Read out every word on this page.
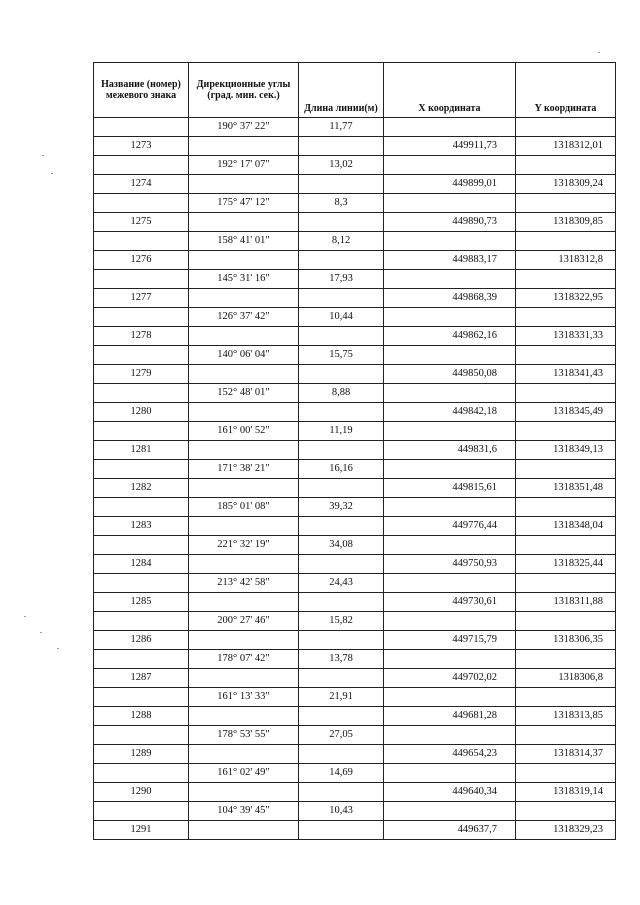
Название (номер) межевого знака	Дирекционные углы (град. мин. сек.)	Длина линии(м)	X координата	Y координата
	190° 37' 22"	11,77		
1273			449911,73	1318312,01
	192° 17' 07"	13,02		
1274			449899,01	1318309,24
	175° 47' 12"	8,3		
1275			449890,73	1318309,85
	158° 41' 01"	8,12		
1276			449883,17	1318312,8
	145° 31' 16"	17,93		
1277			449868,39	1318322,95
	126° 37' 42"	10,44		
1278			449862,16	1318331,33
	140° 06' 04"	15,75		
1279			449850,08	1318341,43
	152° 48' 01"	8,88		
1280			449842,18	1318345,49
	161° 00' 52"	11,19		
1281			449831,6	1318349,13
	171° 38' 21"	16,16		
1282			449815,61	1318351,48
	185° 01' 08"	39,32		
1283			449776,44	1318348,04
	221° 32' 19"	34,08		
1284			449750,93	1318325,44
	213° 42' 58"	24,43		
1285			449730,61	1318311,88
	200° 27' 46"	15,82		
1286			449715,79	1318306,35
	178° 07' 42"	13,78		
1287			449702,02	1318306,8
	161° 13' 33"	21,91		
1288			449681,28	1318313,85
	178° 53' 55"	27,05		
1289			449654,23	1318314,37
	161° 02' 49"	14,69		
1290			449640,34	1318319,14
	104° 39' 45"	10,43		
1291			449637,7	1318329,23
